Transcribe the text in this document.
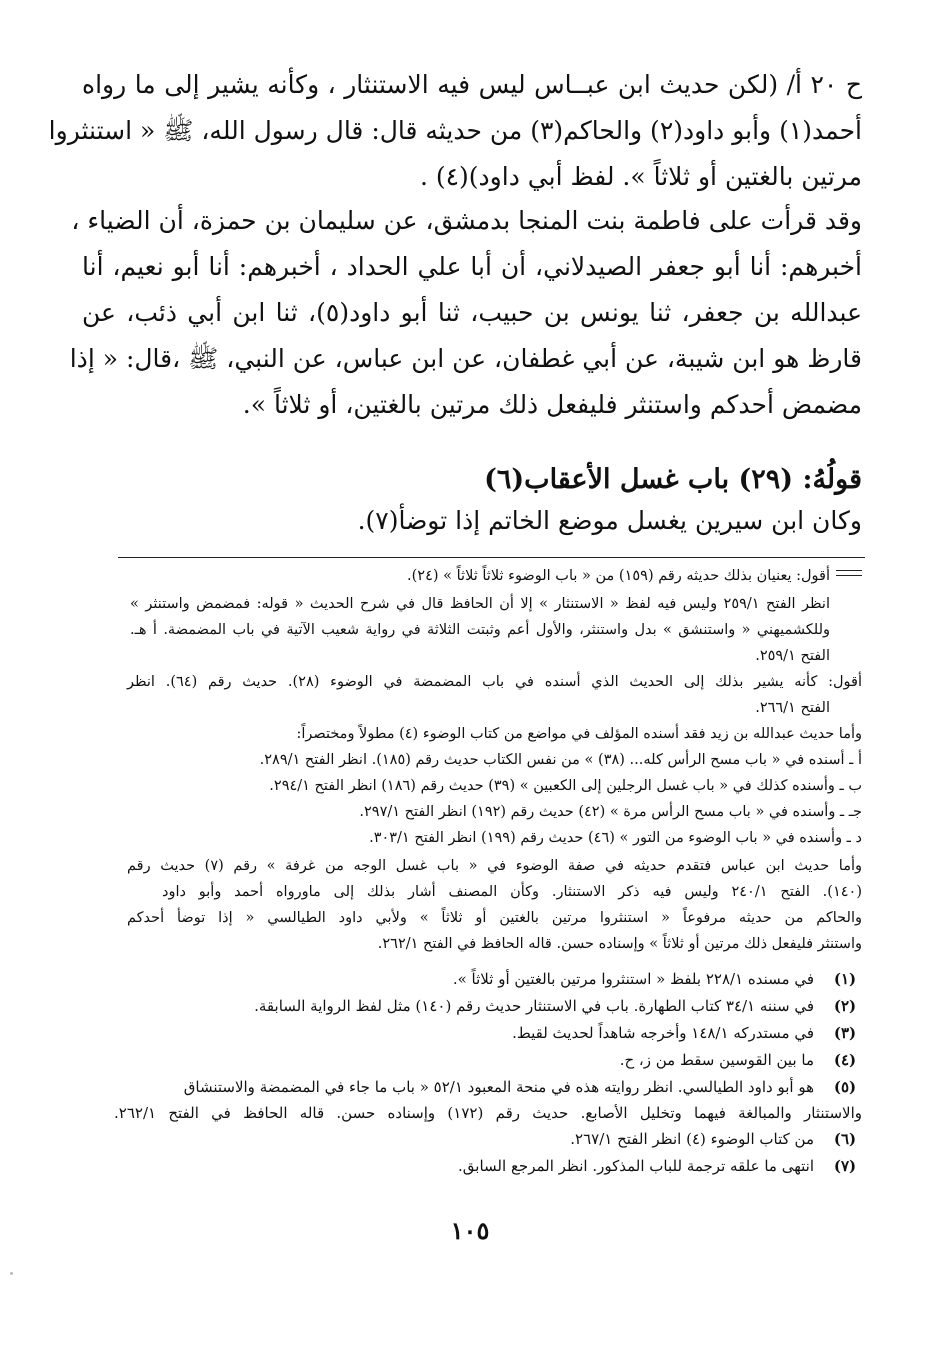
ح ٢٠ أ/ (لكن حديث ابن عبــاس ليس فيه الاستنثار ، وكأنه يشير إلى ما رواه
أحمد(١) وأبو داود(٢) والحاكم(٣) من حديثه قال: قال رسول الله، ﷺ « استنثروا
مرتين بالغتين أو ثلاثاً ». لفظ أبي داود)(٤) .
وقد قرأت على فاطمة بنت المنجا بدمشق، عن سليمان بن حمزة، أن الضياء ،
أخبرهم: أنا أبو جعفر الصيدلاني، أن أبا علي الحداد ، أخبرهم: أنا أبو نعيم، أنا
عبدالله بن جعفر، ثنا يونس بن حبيب، ثنا أبو داود(٥)، ثنا ابن أبي ذئب، عن
قارظ هو ابن شيبة، عن أبي غطفان، عن ابن عباس، عن النبي، ﷺ ،قال: « إذا
مضمض أحدكم واستنثر فليفعل ذلك مرتين بالغتين، أو ثلاثاً ».
قولُهُ: (٢٩) باب غسل الأعقاب(٦)
وكان ابن سيرين يغسل موضع الخاتم إذا توضأ(٧).
أقول: يعنيان بذلك حديثه رقم (١٥٩) من « باب الوضوء ثلاثاً ثلاثاً » (٢٤).
انظر الفتح ٢٥٩/١ وليس فيه لفظ « الاستنثار » إلا أن الحافظ قال في شرح الحديث « قوله: فمضمض واستنثر »
وللكشميهني « واستنشق » بدل واستنثر، والأول أعم وثبتت الثلاثة في رواية شعيب الآتية في باب المضمضة. أ هـ.
الفتح ٢٥٩/١.
أقول: كأنه يشير بذلك إلى الحديث الذي أسنده في باب المضمضة في الوضوء (٢٨). حديث رقم (٦٤). انظر
الفتح ٢٦٦/١.
وأما حديث عبدالله بن زيد فقد أسنده المؤلف في مواضع من كتاب الوضوء (٤) مطولاً ومختصراً:
أ ـ أسنده في « باب مسح الرأس كله... (٣٨) » من نفس الكتاب حديث رقم (١٨٥). انظر الفتح ٢٨٩/١.
ب ـ وأسنده كذلك في « باب غسل الرجلين إلى الكعبين » (٣٩) حديث رقم (١٨٦) انظر الفتح ٢٩٤/١.
جـ ـ وأسنده في « باب مسح الرأس مرة » (٤٢) حديث رقم (١٩٢) انظر الفتح ٢٩٧/١.
د ـ وأسنده في « باب الوضوء من التور » (٤٦) حديث رقم (١٩٩) انظر الفتح ٣٠٣/١.
وأما حديث ابن عباس فتقدم حديثه في صفة الوضوء في « باب غسل الوجه من غرفة » رقم (٧) حديث رقم
(١٤٠). الفتح ٢٤٠/١ وليس فيه ذكر الاستنثار. وكأن المصنف أشار بذلك إلى ماورواه أحمد وأبو داود
والحاكم من حديثه مرفوعاً « استنثروا مرتين بالغتين أو ثلاثاً » ولأبي داود الطيالسي « إذا توضأ أحدكم
واستنثر فليفعل ذلك مرتين أو ثلاثاً » وإسناده حسن. قاله الحافظ في الفتح ٢٦٢/١.
(١)
في مسنده ٢٢٨/١ بلفظ « استنثروا مرتين بالغتين أو ثلاثاً ».
(٢)
في سننه ٣٤/١ كتاب الطهارة. باب في الاستنثار حديث رقم (١٤٠) مثل لفظ الرواية السابقة.
(٣)
في مستدركه ١٤٨/١ وأخرجه شاهداً لحديث لقيط.
(٤)
ما بين القوسين سقط من ز، ح.
(٥)
هو أبو داود الطيالسي. انظر روايته هذه في منحة المعبود ٥٢/١ « باب ما جاء في المضمضة والاستنشاق
والاستنثار والمبالغة فيهما وتخليل الأصابع. حديث رقم (١٧٢) وإسناده حسن. قاله الحافظ في الفتح ٢٦٢/١.
(٦)
من كتاب الوضوء (٤) انظر الفتح ٢٦٧/١.
(٧)
انتهى ما علقه ترجمة للباب المذكور. انظر المرجع السابق.
١٠٥
